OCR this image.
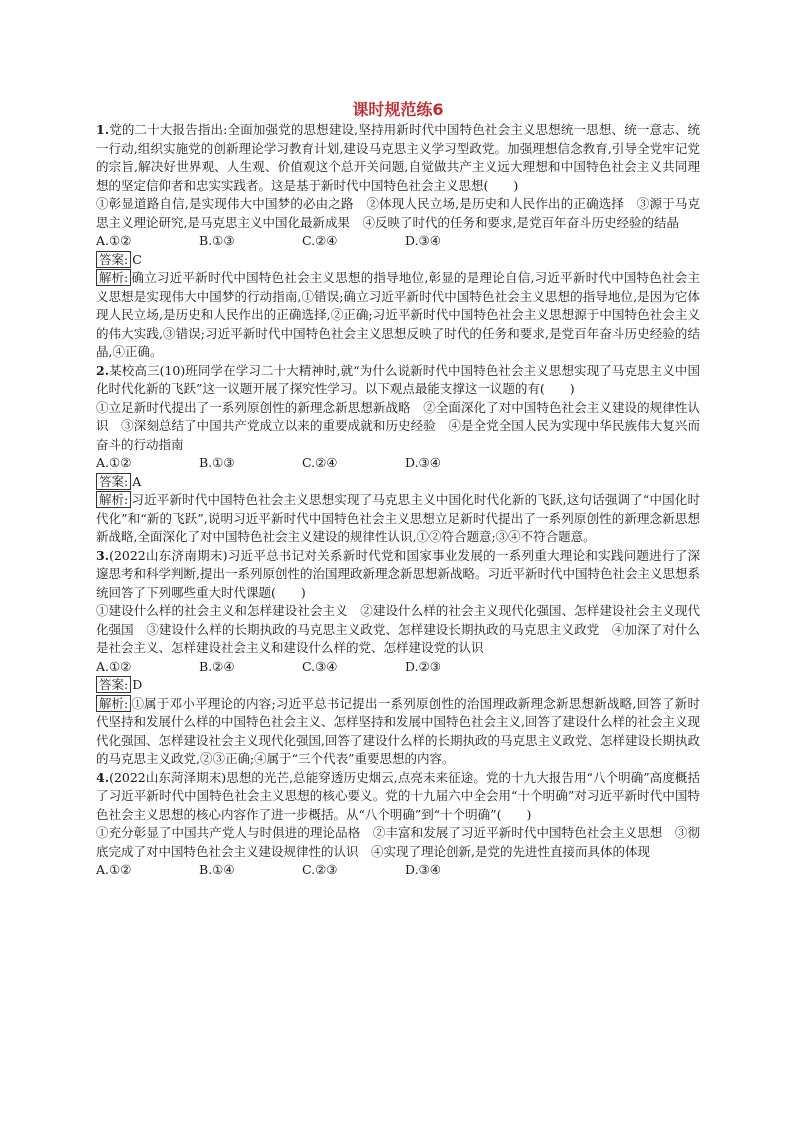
课时规范练6

1.党的二十大报告指出:全面加强党的思想建设,坚持用新时代中国特色社会主义思想统一思想、统一意志、统一行动,组织实施党的创新理论学习教育计划,建设马克思主义学习型政党。加强理想信念教育,引导全党牢记党的宗旨,解决好世界观、人生观、价值观这个总开关问题,自觉做共产主义远大理想和中国特色社会主义共同理想的坚定信仰者和忠实实践者。这是基于新时代中国特色社会主义思想(　　)

①彰显道路自信,是实现伟大中国梦的必由之路　②体现人民立场,是历史和人民作出的正确选择　③源于马克思主义理论研究,是马克思主义中国化最新成果　④反映了时代的任务和要求,是党百年奋斗历史经验的结晶

A.①②	B.①③	C.②④	D.③④

答案: C

解析: 确立习近平新时代中国特色社会主义思想的指导地位,彰显的是理论自信,习近平新时代中国特色社会主义思想是实现伟大中国梦的行动指南,①错误;确立习近平新时代中国特色社会主义思想的指导地位,是因为它体现人民立场,是历史和人民作出的正确选择,②正确;习近平新时代中国特色社会主义思想源于中国特色社会主义的伟大实践,③错误;习近平新时代中国特色社会主义思想反映了时代的任务和要求,是党百年奋斗历史经验的结晶,④正确。

2.某校高三(10)班同学在学习二十大精神时,就“为什么说新时代中国特色社会主义思想实现了马克思主义中国化时代化新的飞跃”这一议题开展了探究性学习。以下观点最能支撑这一议题的有(　　)

①立足新时代提出了一系列原创性的新理念新思想新战略　②全面深化了对中国特色社会主义建设的规律性认识　③深刻总结了中国共产党成立以来的重要成就和历史经验　④是全党全国人民为实现中华民族伟大复兴而奋斗的行动指南

A.①②	B.①③	C.②④	D.③④

答案: A

解析: 习近平新时代中国特色社会主义思想实现了马克思主义中国化时代化新的飞跃,这句话强调了“中国化时代化”和“新的飞跃”,说明习近平新时代中国特色社会主义思想立足新时代提出了一系列原创性的新理念新思想新战略,全面深化了对中国特色社会主义建设的规律性认识,①②符合题意;③④不符合题意。

3.(2022山东济南期末)习近平总书记对关系新时代党和国家事业发展的一系列重大理论和实践问题进行了深邃思考和科学判断,提出一系列原创性的治国理政新理念新思想新战略。习近平新时代中国特色社会主义思想系统回答了下列哪些重大时代课题(　　)

①建设什么样的社会主义和怎样建设社会主义　②建设什么样的社会主义现代化强国、怎样建设社会主义现代化强国　③建设什么样的长期执政的马克思主义政党、怎样建设长期执政的马克思主义政党　④加深了对什么是社会主义、怎样建设社会主义和建设什么样的党、怎样建设党的认识

A.①②	B.②④	C.③④	D.②③

答案: D

解析: ①属于邓小平理论的内容;习近平总书记提出一系列原创性的治国理政新理念新思想新战略,回答了新时代坚持和发展什么样的中国特色社会主义、怎样坚持和发展中国特色社会主义,回答了建设什么样的社会主义现代化强国、怎样建设社会主义现代化强国,回答了建设什么样的长期执政的马克思主义政党、怎样建设长期执政的马克思主义政党,②③正确;④属于“三个代表”重要思想的内容。

4.(2022山东菏泽期末)思想的光芒,总能穿透历史烟云,点亮未来征途。党的十九大报告用“八个明确”高度概括了习近平新时代中国特色社会主义思想的核心要义。党的十九届六中全会用“十个明确”对习近平新时代中国特色社会主义思想的核心内容作了进一步概括。从“八个明确”到“十个明确”(　　)

①充分彰显了中国共产党人与时俱进的理论品格　②丰富和发展了习近平新时代中国特色社会主义思想　③彻底完成了对中国特色社会主义建设规律性的认识　④实现了理论创新,是党的先进性直接而具体的体现

A.①②	B.①④	C.②③	D.③④
